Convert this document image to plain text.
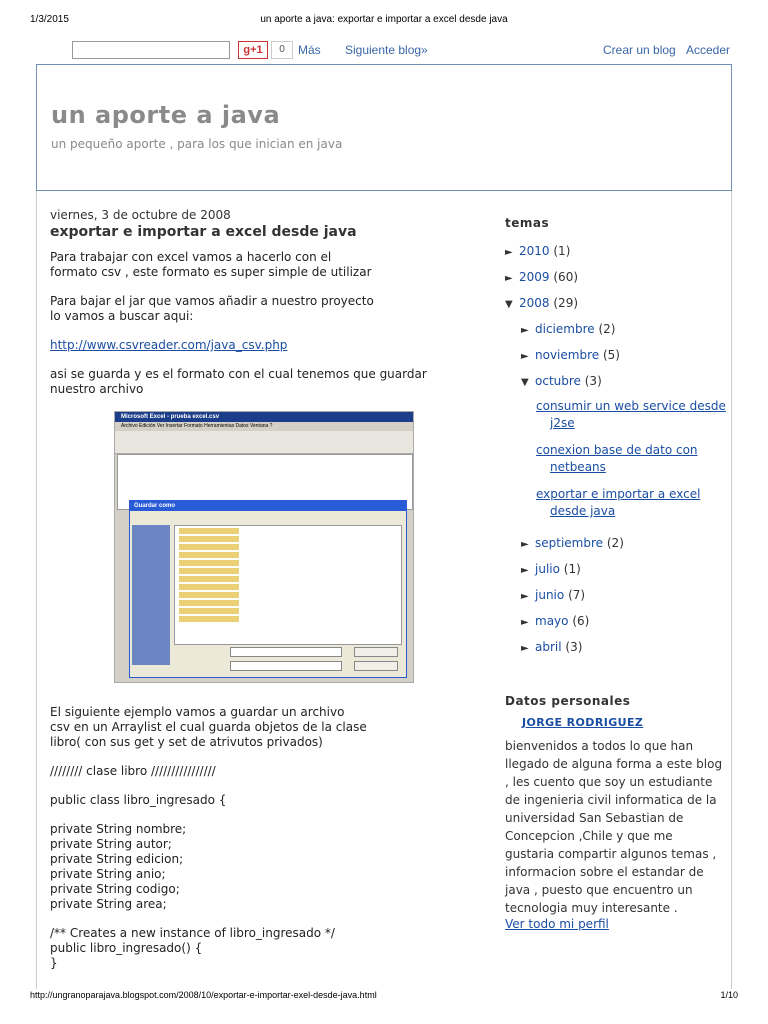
1/3/2015	un aporte a java: exportar e importar a excel desde java
g+1	0	Más Siguiente blog»	Crear un blog Acceder
un aporte a java
un pequeño aporte , para los que inician en java
viernes, 3 de octubre de 2008
exportar e importar a excel desde java

Para trabajar con excel vamos a hacerlo con el
formato csv , este formato es super simple de utilizar

Para bajar el jar que vamos añadir a nuestro proyecto
lo vamos a buscar aqui:

http://www.csvreader.com/java_csv.php

asi se guarda y es el formato con el cual tenemos que guardar
nuestro archivo

Microsoft Excel - prueba excel.csv
Archivo Edición Ver Insertar Formato Herramientas Datos Ventana ?
Guardar como

El siguiente ejemplo vamos a guardar un archivo
csv en un Arraylist el cual guarda objetos de la clase
libro( con sus get y set de atrivutos privados)

//////// clase libro ////////////////

public class libro_ingresado {

private String nombre;
private String autor;
private String edicion;
private String anio;
private String codigo;
private String area;

/** Creates a new instance of libro_ingresado */
public libro_ingresado() {
}

temas
► 2010 (1)
► 2009 (60)
▼ 2008 (29)
► diciembre (2)
► noviembre (5)
▼ octubre (3)
consumir un web service desde j2se
conexion base de dato con netbeans
exportar e importar a excel desde java
► septiembre (2)
► julio (1)
► junio (7)
► mayo (6)
► abril (3)
Datos personales
JORGE RODRIGUEZ
bienvenidos a todos lo que han llegado de alguna forma a este blog , les cuento que soy un estudiante de ingenieria civil informatica de la universidad San Sebastian de Concepcion ,Chile y que me gustaria compartir algunos temas , informacion sobre el estandar de java , puesto que encuentro un tecnologia muy interesante .
Ver todo mi perfil
http://ungranoparajava.blogspot.com/2008/10/exportar-e-importar-exel-desde-java.html	1/10
